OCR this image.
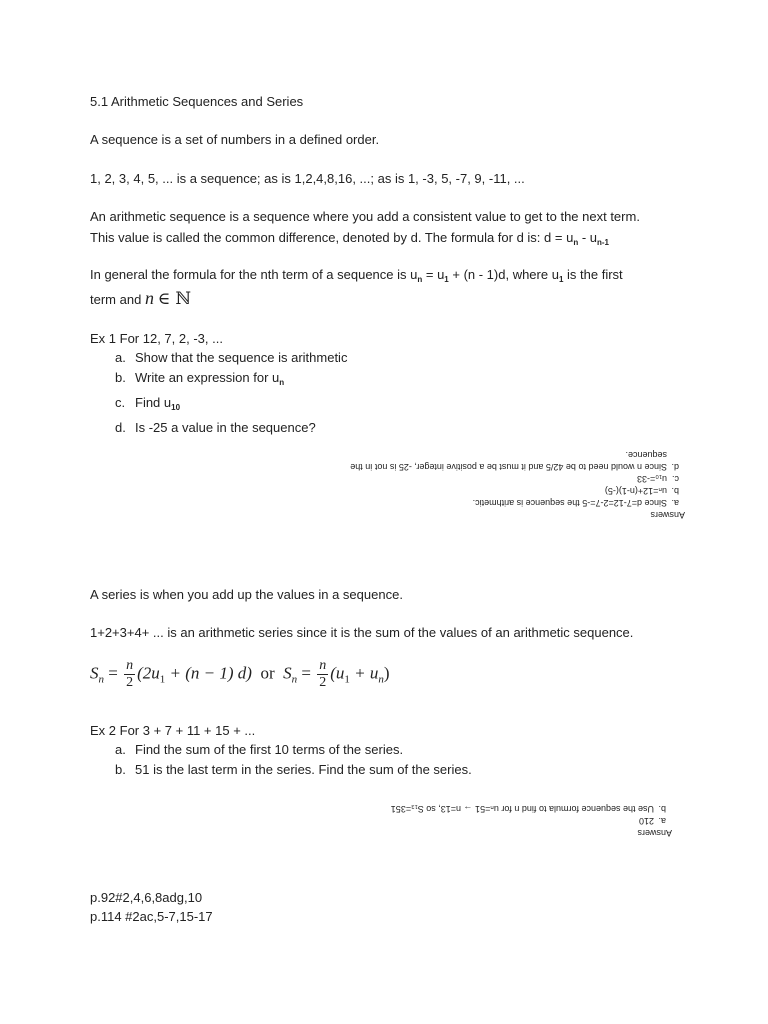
5.1 Arithmetic Sequences and Series
A sequence is a set of numbers in a defined order.
1, 2, 3, 4, 5, ... is a sequence; as is 1,2,4,8,16, ...; as is 1, -3, 5, -7, 9, -11, ...
An arithmetic sequence is a sequence where you add a consistent value to get to the next term.
This value is called the common difference, denoted by d. The formula for d is: $d = u_n - u_{n-1}$
In general the formula for the nth term of a sequence is $u_n = u_1 + (n - 1)d$, where $u_1$ is the first
term and n ∈ ℕ
Ex 1 For 12, 7, 2, -3, ...
a. Show that the sequence is arithmetic
b. Write an expression for $u_n$
c. Find $u_{10}$
d. Is -25 a value in the sequence?
Answers
a.
Since d=7-12=2-7=-5 the sequence is arithmetic.
b.
uₙ=12+(n-1)(-5)
c.
u₁₀=-33
d.
Since n would need to be 42/5 and it must be a positive integer, -25 is not in the
sequence.
A series is when you add up the values in a sequence.
1+2+3+4+ ... is an arithmetic series since it is the sum of the values of an arithmetic sequence.
$S_n = \frac{n}{2} (2u_1 + (n - 1)$ d) or $S_n = \frac{n}{2} (u_1 + u_n)$
Ex 2 For 3 + 7 + 11 + 15 + ...
a. Find the sum of the first 10 terms of the series.
b. 51 is the last term in the series. Find the sum of the series.
Answers
a.
210
b.
Use the sequence formula to find n for uₙ=51 → n=13, so S₁₃=351
p.92#2,4,6,8adg,10
p.114 #2ac,5-7,15-17
